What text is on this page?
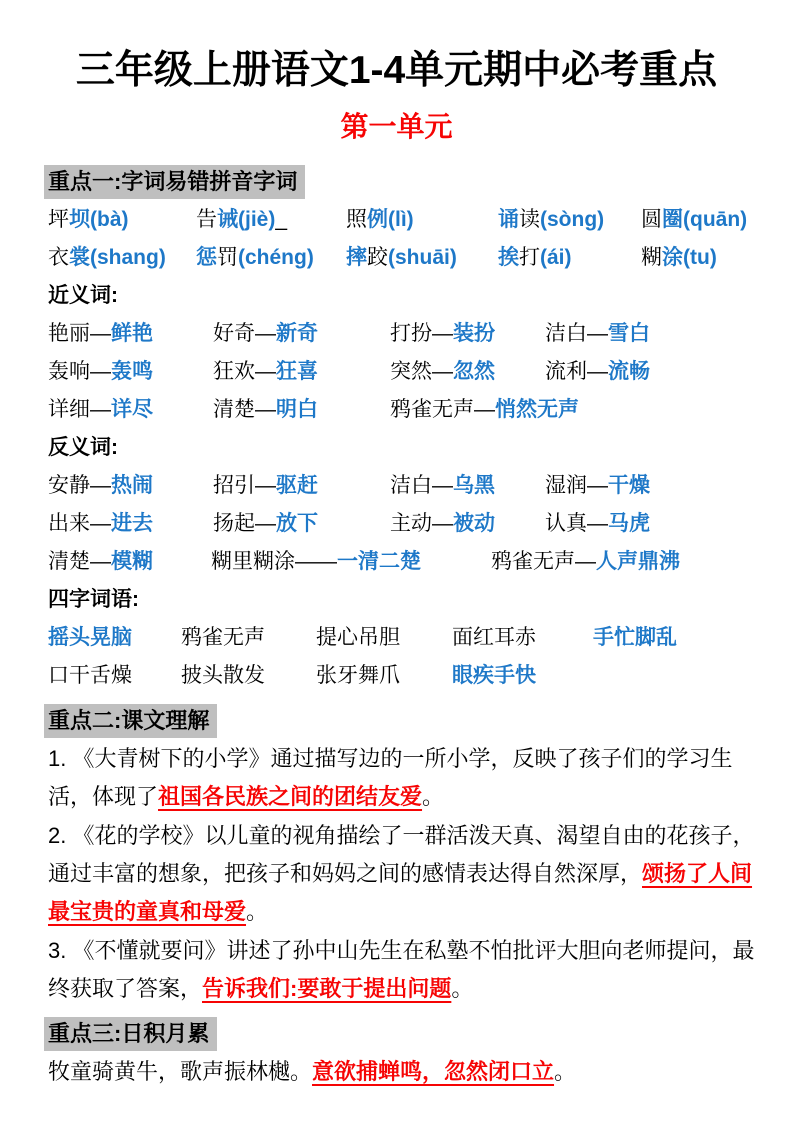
三年级上册语文1-4单元期中必考重点
第一单元
重点一:字词易错拼音字词
坪坝(bà)	告诫(jiè)_	照例(lì)	诵读(sòng)	圆圈(quān)
衣裳(shang)	惩罚(chéng)	摔跤(shuāi)	挨打(ái)	糊涂(tu)
近义词:
艳丽—鲜艳	好奇—新奇	打扮—装扮	洁白—雪白
轰响—轰鸣	狂欢—狂喜	突然—忽然	流利—流畅
详细—详尽	清楚—明白	鸦雀无声—悄然无声
反义词:
安静—热闹	招引—驱赶	洁白—乌黑	湿润—干燥
出来—进去	扬起—放下	主动—被动	认真—马虎
清楚—模糊	糊里糊涂——一清二楚	鸦雀无声—人声鼎沸
四字词语:
摇头晃脑	鸦雀无声	提心吊胆	面红耳赤	手忙脚乱
口干舌燥	披头散发	张牙舞爪	眼疾手快
重点二:课文理解
1. 《大青树下的小学》通过描写边的一所小学，反映了孩子们的学习生活，体现了祖国各民族之间的团结友爱。
2. 《花的学校》以儿童的视角描绘了一群活泼天真、渴望自由的花孩子，通过丰富的想象，把孩子和妈妈之间的感情表达得自然深厚，颂扬了人间最宝贵的童真和母爱。
3. 《不懂就要问》讲述了孙中山先生在私塾不怕批评大胆向老师提问，最终获取了答案，告诉我们:要敢于提出问题。
重点三:日积月累
牧童骑黄牛，歌声振林樾。意欲捕蝉鸣，忽然闭口立。
